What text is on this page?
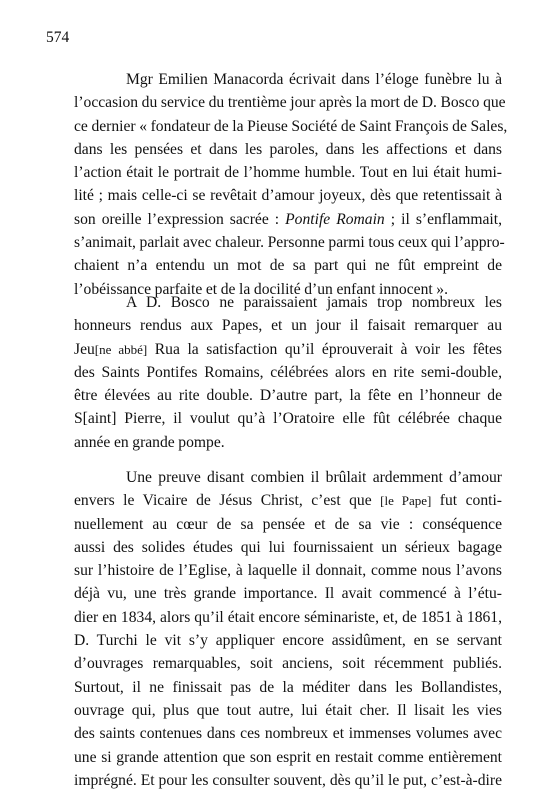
574
Mgr Emilien Manacorda écrivait dans l’éloge funèbre lu à
l’occasion du service du trentième jour après la mort de D. Bosco que
ce dernier « fondateur de la Pieuse Société de Saint François de Sales,
dans les pensées et dans les paroles, dans les affections et dans
l’action était le portrait de l’homme humble. Tout en lui était humi-
lité ; mais celle-ci se revêtait d’amour joyeux, dès que retentissait à
son oreille l’expression sacrée : Pontife Romain ; il s’enflammait,
s’animait, parlait avec chaleur. Personne parmi tous ceux qui l’appro-
chaient n’a entendu un mot de sa part qui ne fût empreint de
l’obéissance parfaite et de la docilité d’un enfant innocent ».
A D. Bosco ne paraissaient jamais trop nombreux les
honneurs rendus aux Papes, et un jour il faisait remarquer au
Jeu[ne abbé] Rua la satisfaction qu’il éprouverait à voir les fêtes
des Saints Pontifes Romains, célébrées alors en rite semi-double,
être élevées au rite double. D’autre part, la fête en l’honneur de
S[aint] Pierre, il voulut qu’à l’Oratoire elle fût célébrée chaque
année en grande pompe.
Une preuve disant combien il brûlait ardemment d’amour
envers le Vicaire de Jésus Christ, c’est que [le Pape] fut conti-
nuellement au cœur de sa pensée et de sa vie : conséquence
aussi des solides études qui lui fournissaient un sérieux bagage
sur l’histoire de l’Eglise, à laquelle il donnait, comme nous l’avons
déjà vu, une très grande importance. Il avait commencé à l’étu-
dier en 1834, alors qu’il était encore séminariste, et, de 1851 à 1861,
D. Turchi le vit s’y appliquer encore assidûment, en se servant
d’ouvrages remarquables, soit anciens, soit récemment publiés.
Surtout, il ne finissait pas de la méditer dans les Bollandistes,
ouvrage qui, plus que tout autre, lui était cher. Il lisait les vies
des saints contenues dans ces nombreux et immenses volumes avec
une si grande attention que son esprit en restait comme entièrement
imprégné. Et pour les consulter souvent, dès qu’il le put, c’est-à-dire
